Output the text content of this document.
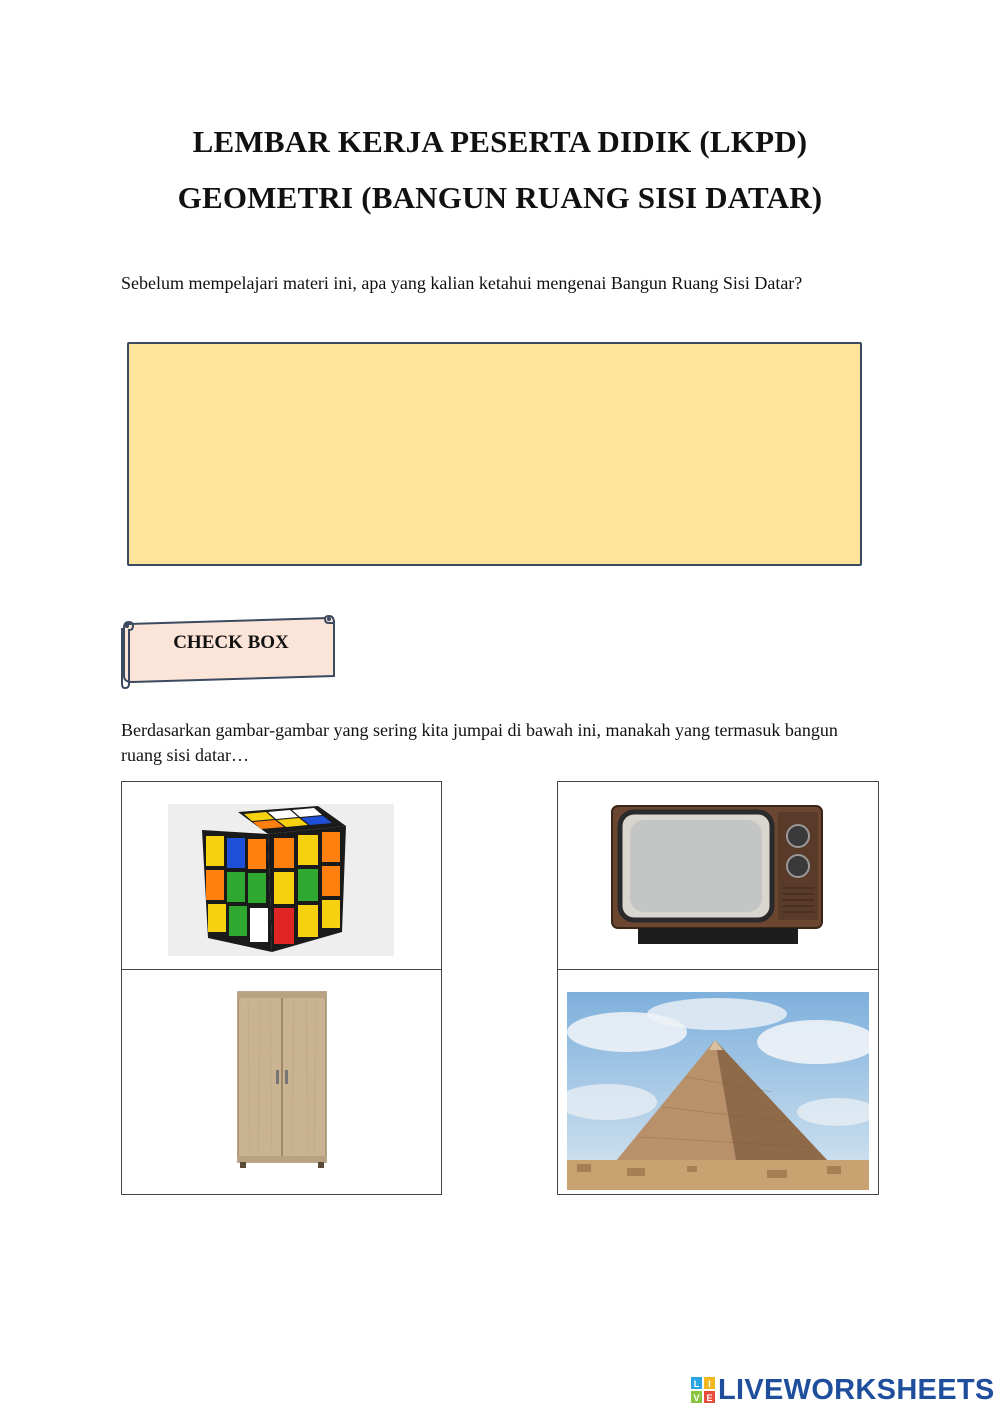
LEMBAR KERJA PESERTA DIDIK (LKPD)
GEOMETRI (BANGUN RUANG SISI DATAR)
Sebelum mempelajari materi ini, apa yang kalian ketahui mengenai Bangun Ruang Sisi Datar?
CHECK BOX
Berdasarkan gambar-gambar yang sering kita jumpai di bawah ini, manakah yang termasuk bangun ruang sisi datar…
L I
V E LIVEWORKSHEETS
